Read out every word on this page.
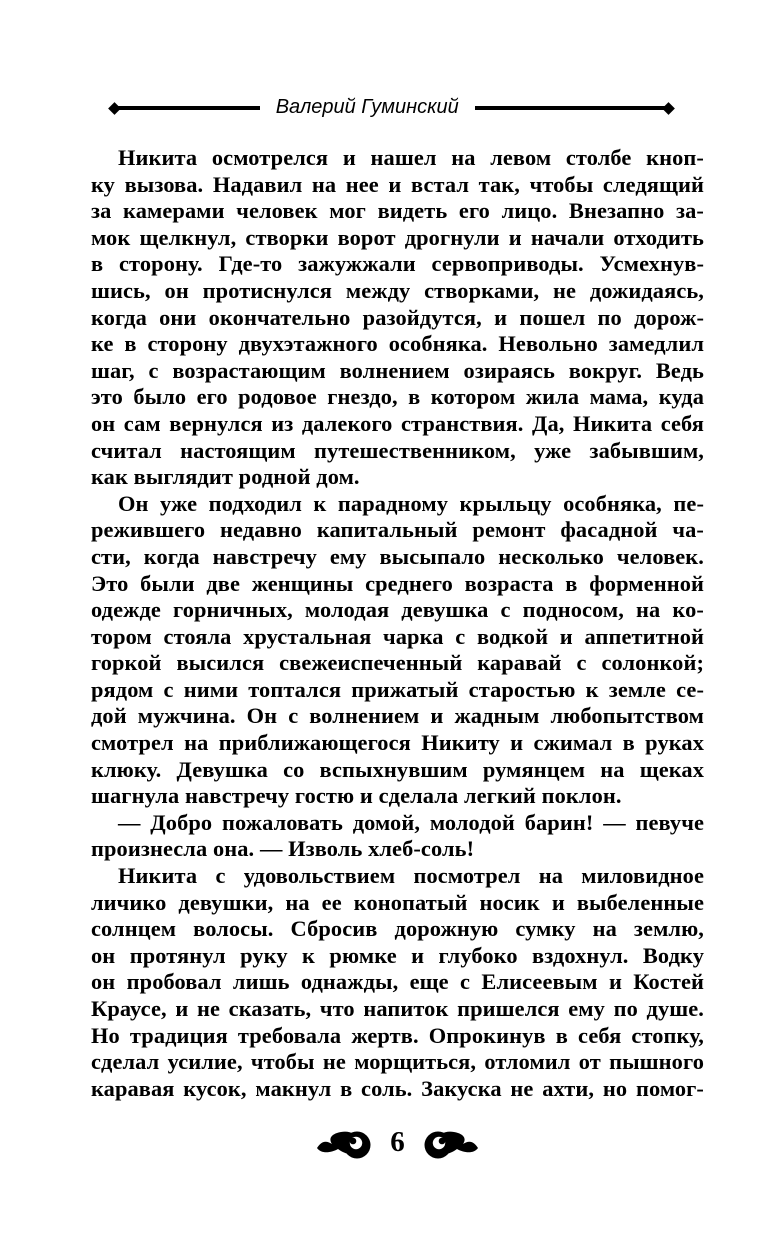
Валерий Гуминский
Никита осмотрелся и нашел на левом столбе кноп-
ку вызова. Надавил на нее и встал так, чтобы следящий
за камерами человек мог видеть его лицо. Внезапно за-
мок щелкнул, створки ворот дрогнули и начали отходить
в сторону. Где-то зажужжали сервоприводы. Усмехнув-
шись, он протиснулся между створками, не дожидаясь,
когда они окончательно разойдутся, и пошел по дорож-
ке в сторону двухэтажного особняка. Невольно замедлил
шаг, с возрастающим волнением озираясь вокруг. Ведь
это было его родовое гнездо, в котором жила мама, куда
он сам вернулся из далекого странствия. Да, Никита себя
считал настоящим путешественником, уже забывшим,
как выглядит родной дом.
Он уже подходил к парадному крыльцу особняка, пе-
режившего недавно капитальный ремонт фасадной ча-
сти, когда навстречу ему высыпало несколько человек.
Это были две женщины среднего возраста в форменной
одежде горничных, молодая девушка с подносом, на ко-
тором стояла хрустальная чарка с водкой и аппетитной
горкой высился свежеиспеченный каравай с солонкой;
рядом с ними топтался прижатый старостью к земле се-
дой мужчина. Он с волнением и жадным любопытством
смотрел на приближающегося Никиту и сжимал в руках
клюку. Девушка со вспыхнувшим румянцем на щеках
шагнула навстречу гостю и сделала легкий поклон.
— Добро пожаловать домой, молодой барин! — певуче
произнесла она. — Изволь хлеб-соль!
Никита с удовольствием посмотрел на миловидное
личико девушки, на ее конопатый носик и выбеленные
солнцем волосы. Сбросив дорожную сумку на землю,
он протянул руку к рюмке и глубоко вздохнул. Водку
он пробовал лишь однажды, еще с Елисеевым и Костей
Краусе, и не сказать, что напиток пришелся ему по душе.
Но традиция требовала жертв. Опрокинув в себя стопку,
сделал усилие, чтобы не морщиться, отломил от пышного
каравая кусок, макнул в соль. Закуска не ахти, но помог-
6
